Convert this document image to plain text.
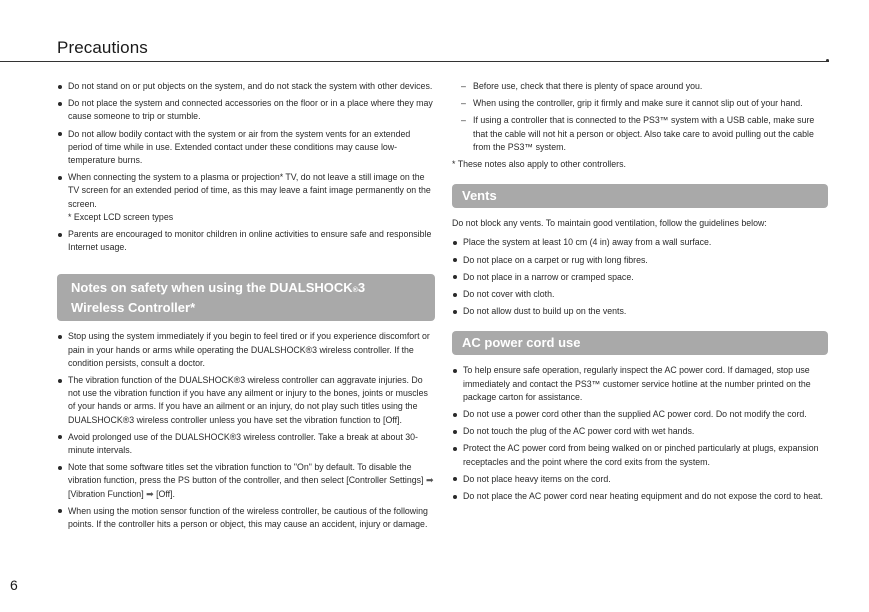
Precautions
Do not stand on or put objects on the system, and do not stack the system with other devices.
Do not place the system and connected accessories on the floor or in a place where they may cause someone to trip or stumble.
Do not allow bodily contact with the system or air from the system vents for an extended period of time while in use. Extended contact under these conditions may cause low-temperature burns.
When connecting the system to a plasma or projection* TV, do not leave a still image on the TV screen for an extended period of time, as this may leave a faint image permanently on the screen.
* Except LCD screen types
Parents are encouraged to monitor children in online activities to ensure safe and responsible Internet usage.
Notes on safety when using the DUALSHOCK®3
Wireless Controller*
Stop using the system immediately if you begin to feel tired or if you experience discomfort or pain in your hands or arms while operating the DUALSHOCK®3 wireless controller. If the condition persists, consult a doctor.
The vibration function of the DUALSHOCK®3 wireless controller can aggravate injuries. Do not use the vibration function if you have any ailment or injury to the bones, joints or muscles of your hands or arms. If you have an ailment or an injury, do not play such titles using the DUALSHOCK®3 wireless controller unless you have set the vibration function to [Off].
Avoid prolonged use of the DUALSHOCK®3 wireless controller. Take a break at about 30-minute intervals.
Note that some software titles set the vibration function to "On" by default. To disable the vibration function, press the PS button of the controller, and then select [Controller Settings] ➡ [Vibration Function] ➡ [Off].
When using the motion sensor function of the wireless controller, be cautious of the following points. If the controller hits a person or object, this may cause an accident, injury or damage.
– Before use, check that there is plenty of space around you.
– When using the controller, grip it firmly and make sure it cannot slip out of your hand.
– If using a controller that is connected to the PS3™ system with a USB cable, make sure that the cable will not hit a person or object. Also take care to avoid pulling out the cable from the PS3™ system.

* These notes also apply to other controllers.

Vents

Do not block any vents. To maintain good ventilation, follow the guidelines below:

Place the system at least 10 cm (4 in) away from a wall surface.
Do not place on a carpet or rug with long fibres.
Do not place in a narrow or cramped space.
Do not cover with cloth.
Do not allow dust to build up on the vents.
AC power cord use
To help ensure safe operation, regularly inspect the AC power cord. If damaged, stop use immediately and contact the PS3™ customer service hotline at the number printed on the package carton for assistance.
Do not use a power cord other than the supplied AC power cord. Do not modify the cord.
Do not touch the plug of the AC power cord with wet hands.
Protect the AC power cord from being walked on or pinched particularly at plugs, expansion receptacles and the point where the cord exits from the system.
Do not place heavy items on the cord.
Do not place the AC power cord near heating equipment and do not expose the cord to heat.
6
